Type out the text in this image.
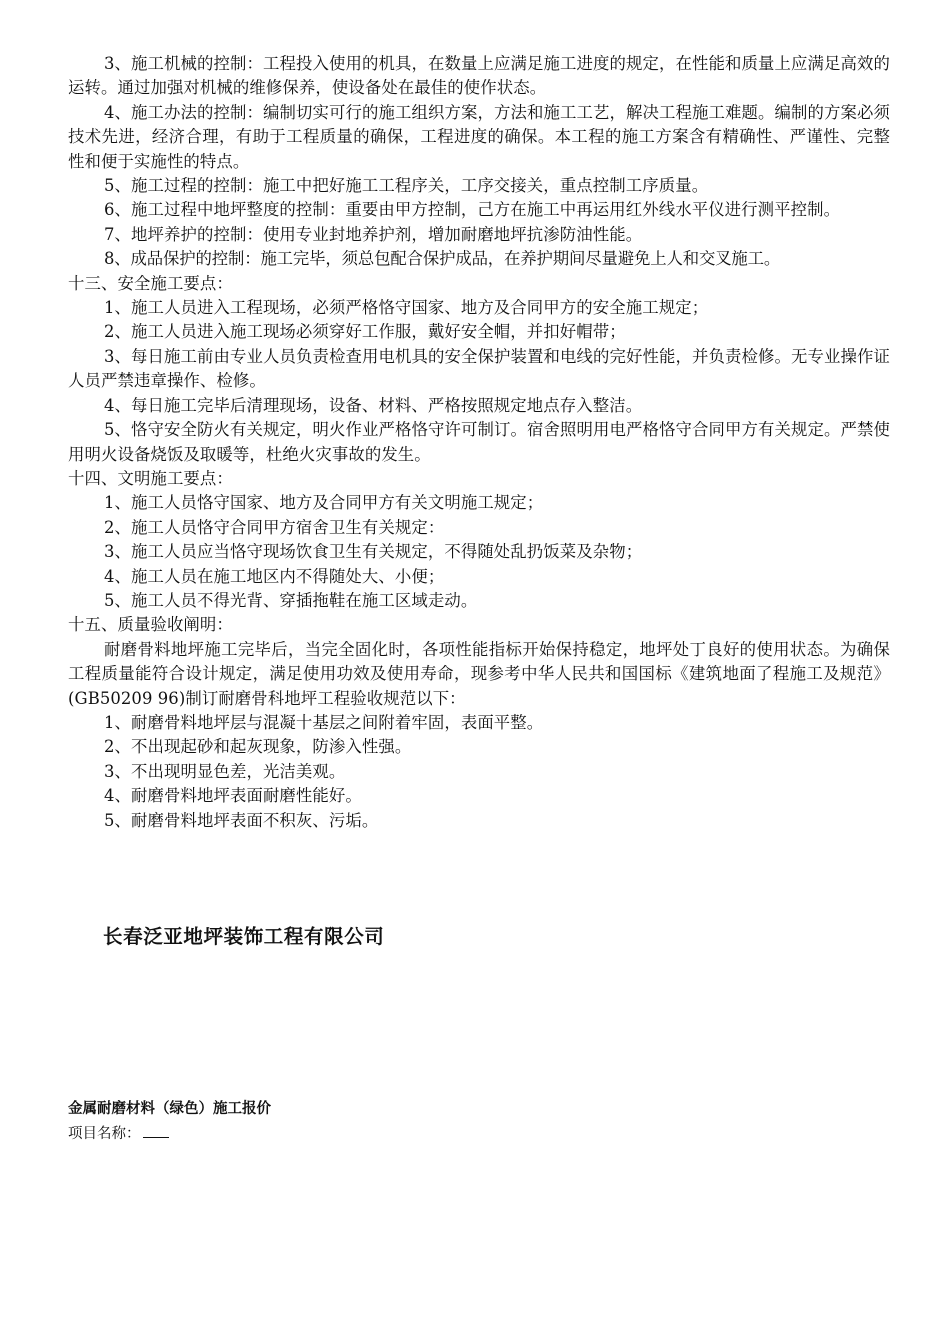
3、施工机械的控制：工程投入使用的机具，在数量上应满足施工进度的规定，在性能和质量上应满足高效的运转。通过加强对机械的维修保养，使设备处在最佳的使作状态。

4、施工办法的控制：编制切实可行的施工组织方案，方法和施工工艺，解决工程施工难题。编制的方案必须技术先进，经济合理，有助于工程质量的确保，工程进度的确保。本工程的施工方案含有精确性、严谨性、完整性和便于实施性的特点。

5、施工过程的控制：施工中把好施工工程序关，工序交接关，重点控制工序质量。

6、施工过程中地坪整度的控制：重要由甲方控制，己方在施工中再运用红外线水平仪进行测平控制。

7、地坪养护的控制：使用专业封地养护剂，增加耐磨地坪抗渗防油性能。

8、成品保护的控制：施工完毕，须总包配合保护成品，在养护期间尽量避免上人和交叉施工。

十三、安全施工要点：

1、施工人员进入工程现场，必须严格恪守国家、地方及合同甲方的安全施工规定；

2、施工人员进入施工现场必须穿好工作服，戴好安全帽，并扣好帽带；

3、每日施工前由专业人员负责检查用电机具的安全保护装置和电线的完好性能，并负责检修。无专业操作证人员严禁违章操作、检修。

4、每日施工完毕后清理现场，设备、材料、严格按照规定地点存入整洁。

5、恪守安全防火有关规定，明火作业严格恪守许可制订。宿舍照明用电严格恪守合同甲方有关规定。严禁使用明火设备烧饭及取暖等，杜绝火灾事故的发生。

十四、文明施工要点：

1、施工人员恪守国家、地方及合同甲方有关文明施工规定；

2、施工人员恪守合同甲方宿舍卫生有关规定：

3、施工人员应当恪守现场饮食卫生有关规定，不得随处乱扔饭菜及杂物；

4、施工人员在施工地区内不得随处大、小便；

5、施工人员不得光背、穿插拖鞋在施工区域走动。

十五、质量验收阐明：

耐磨骨料地坪施工完毕后，当完全固化时，各项性能指标开始保持稳定，地坪处丁良好的使用状态。为确保工程质量能符合设计规定，满足使用功效及使用寿命，现参考中华人民共和国国标《建筑地面了程施工及规范》(GB50209 96)制订耐磨骨科地坪工程验收规范以下：

1、耐磨骨料地坪层与混凝十基层之间附着牢固，表面平整。

2、不出现起砂和起灰现象，防渗入性强。

3、不出现明显色差，光洁美观。

4、耐磨骨料地坪表面耐磨性能好。

5、耐磨骨料地坪表面不积灰、污垢。

长春泛亚地坪装饰工程有限公司

金属耐磨材料（绿色）施工报价

项目名称：
